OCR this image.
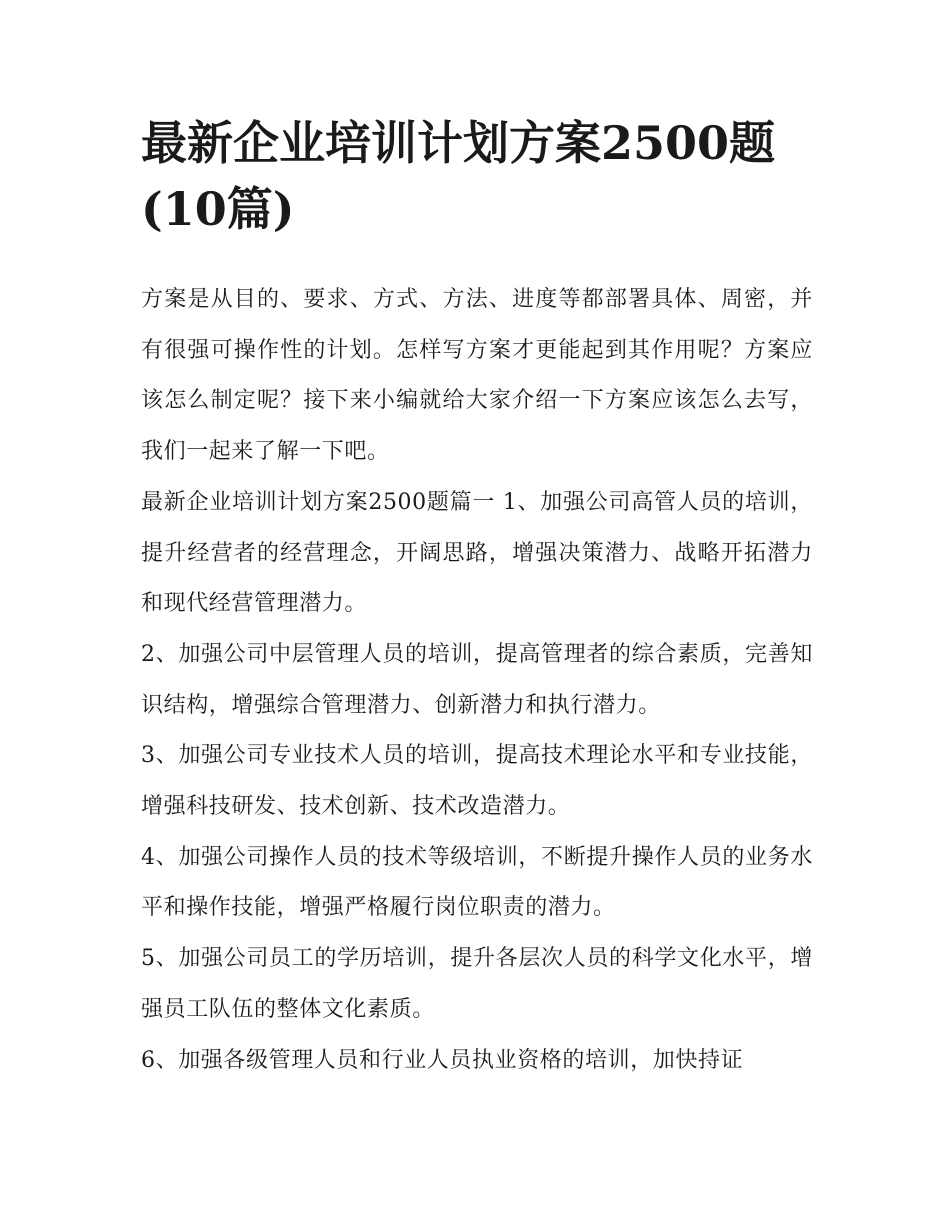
最新企业培训计划方案2500题(10篇)

方案是从目的、要求、方式、方法、进度等都部署具体、周密，并有很强可操作性的计划。怎样写方案才更能起到其作用呢？方案应该怎么制定呢？接下来小编就给大家介绍一下方案应该怎么去写，我们一起来了解一下吧。

最新企业培训计划方案2500题篇一 1、加强公司高管人员的培训，提升经营者的经营理念，开阔思路，增强决策潜力、战略开拓潜力和现代经营管理潜力。

2、加强公司中层管理人员的培训，提高管理者的综合素质，完善知识结构，增强综合管理潜力、创新潜力和执行潜力。

3、加强公司专业技术人员的培训，提高技术理论水平和专业技能，增强科技研发、技术创新、技术改造潜力。

4、加强公司操作人员的技术等级培训，不断提升操作人员的业务水平和操作技能，增强严格履行岗位职责的潜力。

5、加强公司员工的学历培训，提升各层次人员的科学文化水平，增强员工队伍的整体文化素质。

6、加强各级管理人员和行业人员执业资格的培训，加快持证
